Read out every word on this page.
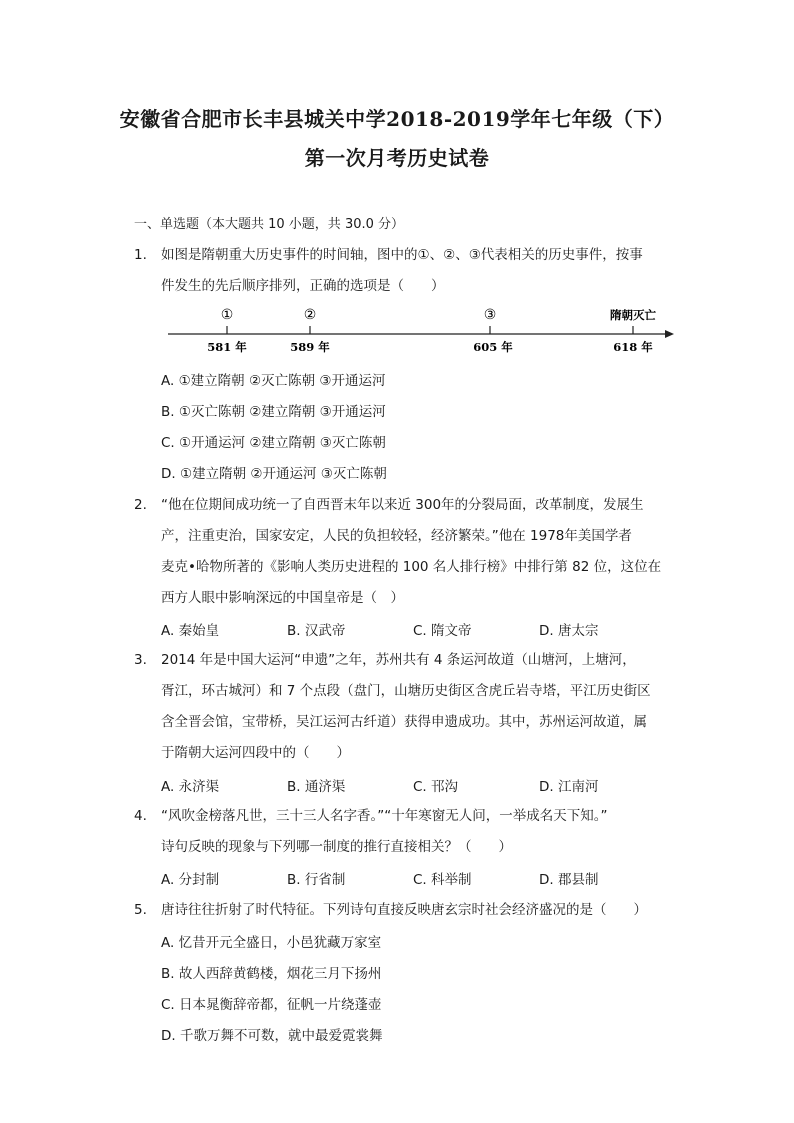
安徽省合肥市长丰县城关中学2018-2019学年七年级（下）
第一次月考历史试卷
一、单选题（本大题共 10 小题，共 30.0 分）
1. 如图是隋朝重大历史事件的时间轴，图中的①、②、③代表相关的历史事件，按事
件发生的先后顺序排列，正确的选项是（　　）
①
581 年
②
589 年
③
605 年
隋朝灭亡
618 年
A. ①建立隋朝 ②灭亡陈朝 ③开通运河
B. ①灭亡陈朝 ②建立隋朝 ③开通运河
C. ①开通运河 ②建立隋朝 ③灭亡陈朝
D. ①建立隋朝 ②开通运河 ③灭亡陈朝
2. “他在位期间成功统一了自西晋末年以来近 300年的分裂局面，改革制度，发展生
产，注重吏治，国家安定，人民的负担较轻，经济繁荣。”他在 1978年美国学者
麦克•哈物所著的《影响人类历史进程的 100 名人排行榜》中排行第 82 位，这位在
西方人眼中影响深远的中国皇帝是（　）
A. 秦始皇	B. 汉武帝	C. 隋文帝	D. 唐太宗
3. 2014 年是中国大运河“申遗”之年，苏州共有 4 条运河故道（山塘河，上塘河，
胥江，环古城河）和 7 个点段（盘门，山塘历史街区含虎丘岩寺塔，平江历史街区
含全晋会馆，宝带桥，吴江运河古纤道）获得申遗成功。其中，苏州运河故道，属
于隋朝大运河四段中的（　　）
A. 永济渠	B. 通济渠	C. 邗沟	D. 江南河
4. “风吹金榜落凡世，三十三人名字香。”“十年寒窗无人问，一举成名天下知。”
诗句反映的现象与下列哪一制度的推行直接相关？（　　）
A. 分封制	B. 行省制	C. 科举制	D. 郡县制
5. 唐诗往往折射了时代特征。下列诗句直接反映唐玄宗时社会经济盛况的是（　　）
A. 忆昔开元全盛日，小邑犹藏万家室
B. 故人西辞黄鹤楼，烟花三月下扬州
C. 日本晁衡辞帝都，征帆一片绕蓬壶
D. 千歌万舞不可数，就中最爱霓裳舞
